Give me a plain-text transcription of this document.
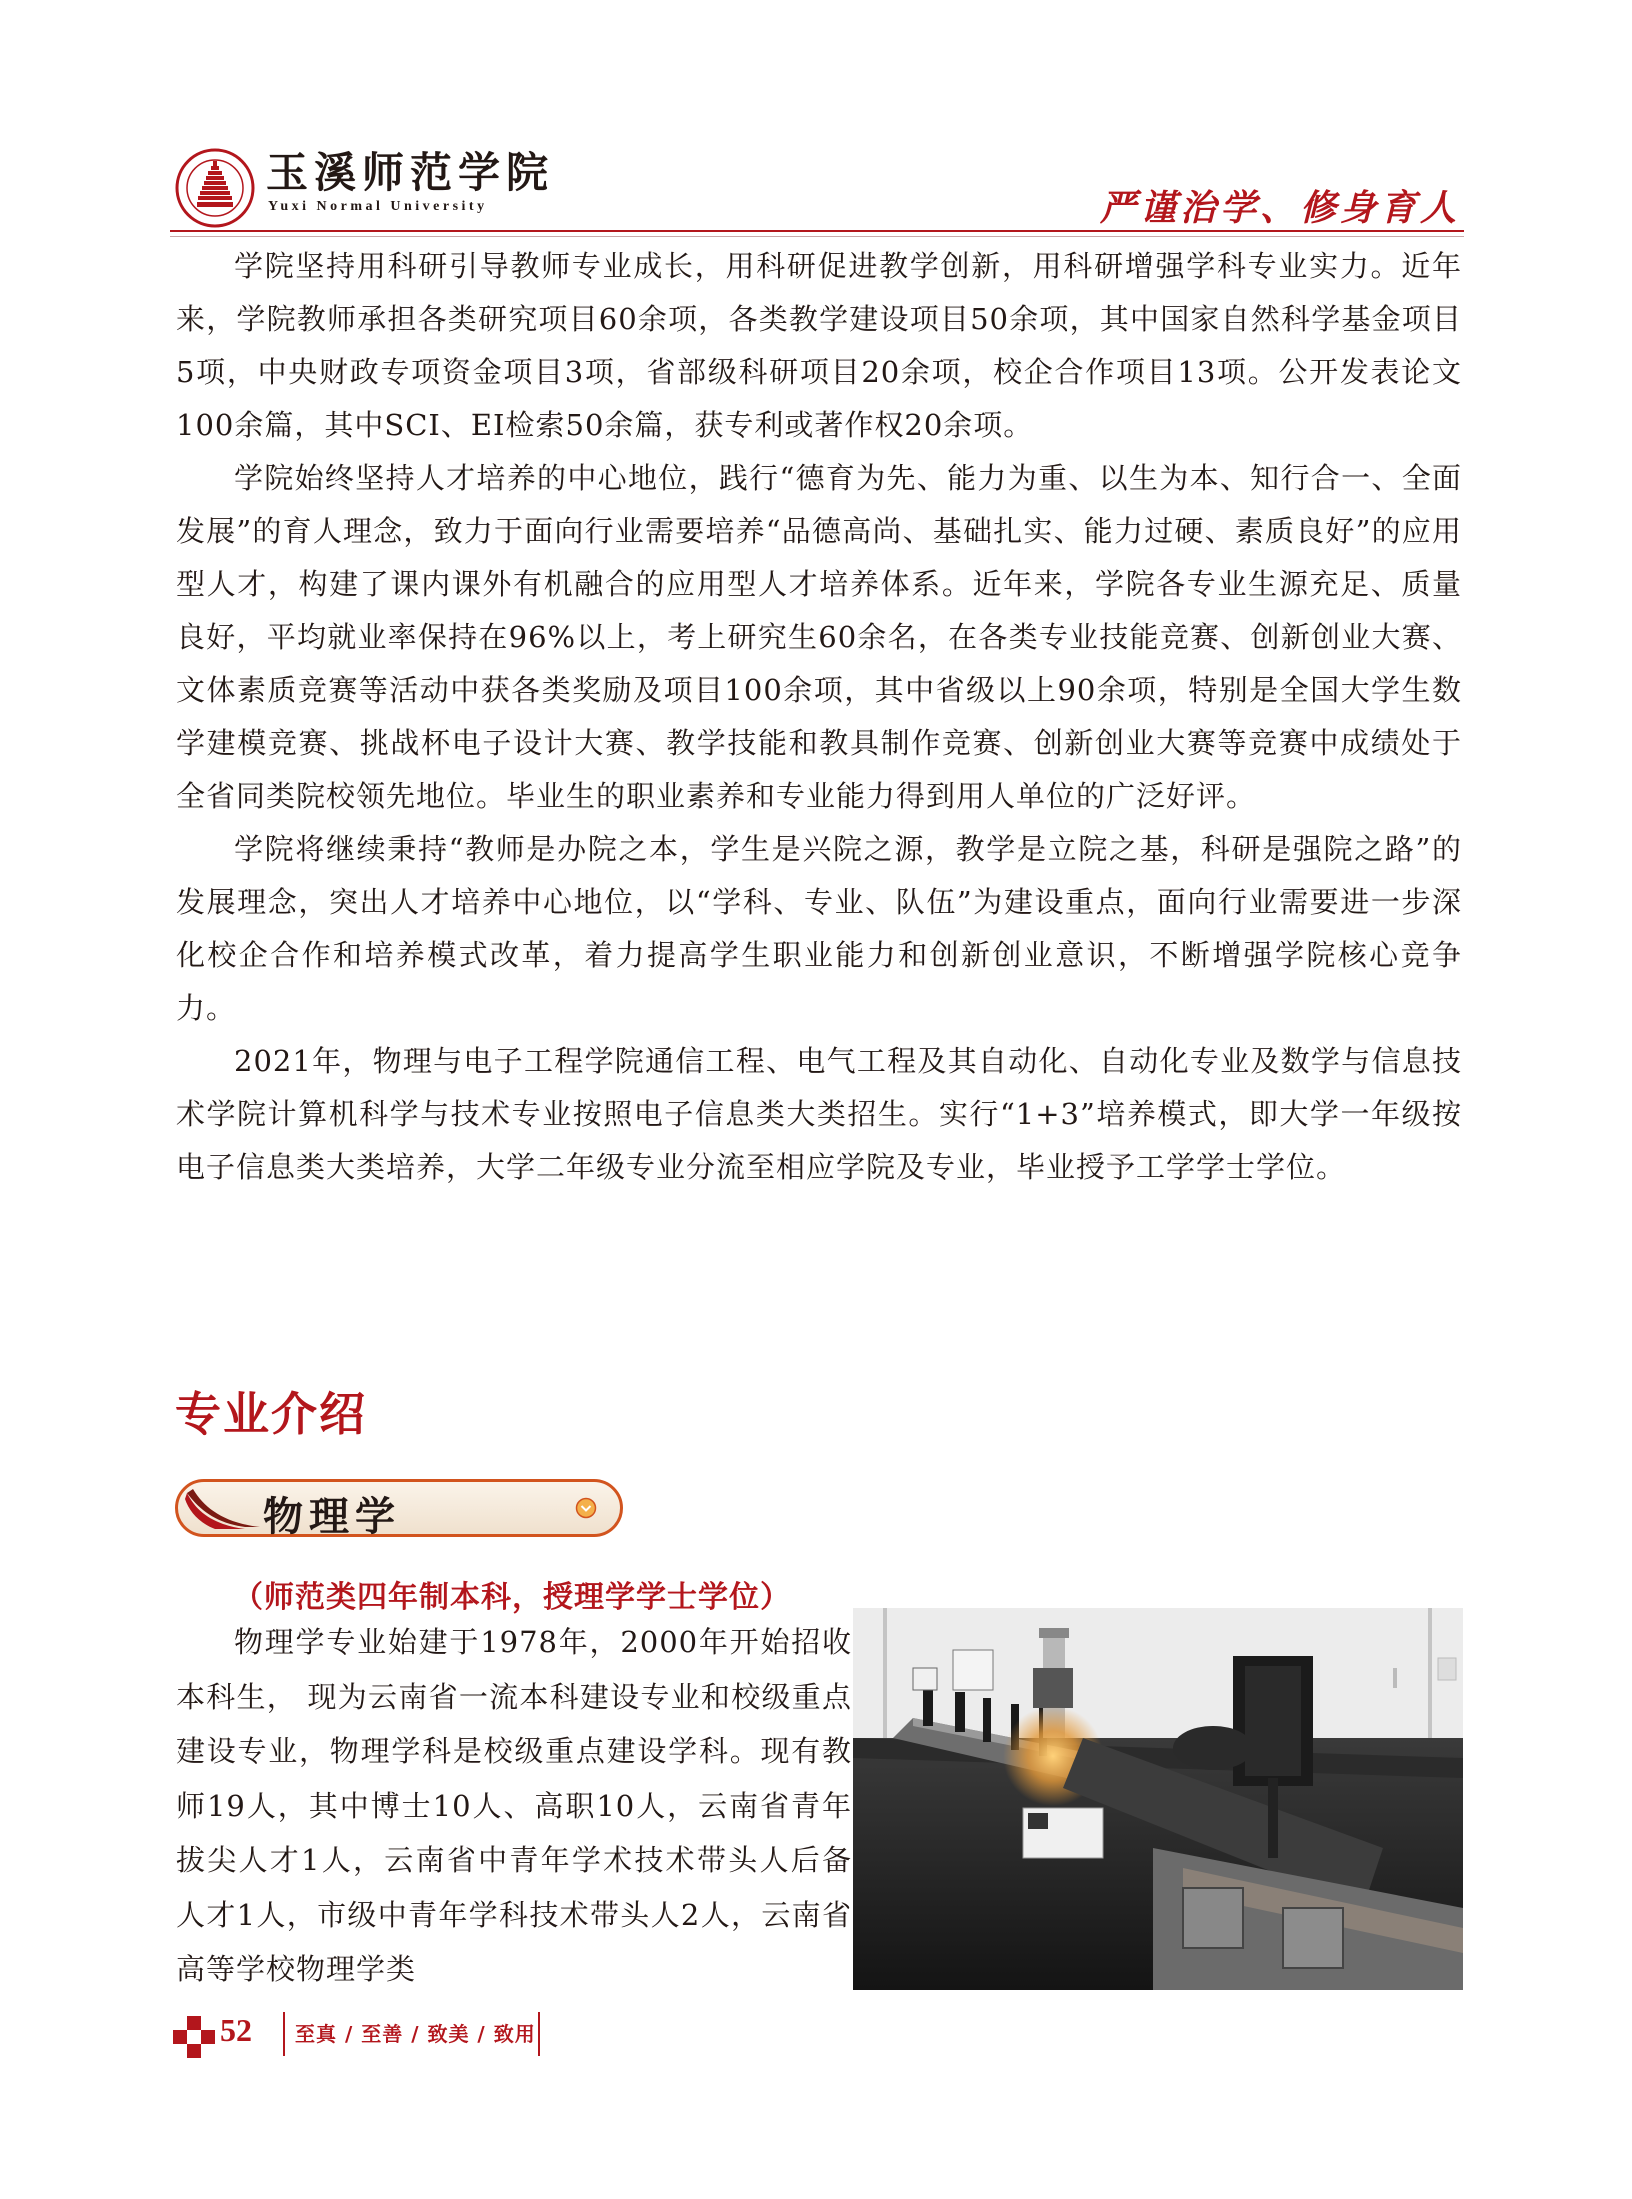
玉溪师范学院
Yuxi Normal University	严谨治学、修身育人

学院坚持用科研引导教师专业成长，用科研促进教学创新，用科研增强学科专业实力。近年来，学院教师承担各类研究项目60余项，各类教学建设项目50余项，其中国家自然科学基金项目5项，中央财政专项资金项目3项，省部级科研项目20余项，校企合作项目13项。公开发表论文100余篇，其中SCI、EI检索50余篇，获专利或著作权20余项。

学院始终坚持人才培养的中心地位，践行“德育为先、能力为重、以生为本、知行合一、全面发展”的育人理念，致力于面向行业需要培养“品德高尚、基础扎实、能力过硬、素质良好”的应用型人才，构建了课内课外有机融合的应用型人才培养体系。近年来，学院各专业生源充足、质量良好，平均就业率保持在96%以上，考上研究生60余名，在各类专业技能竞赛、创新创业大赛、文体素质竞赛等活动中获各类奖励及项目100余项，其中省级以上90余项，特别是全国大学生数学建模竞赛、挑战杯电子设计大赛、教学技能和教具制作竞赛、创新创业大赛等竞赛中成绩处于全省同类院校领先地位。毕业生的职业素养和专业能力得到用人单位的广泛好评。

学院将继续秉持“教师是办院之本，学生是兴院之源，教学是立院之基，科研是强院之路”的发展理念，突出人才培养中心地位，以“学科、专业、队伍”为建设重点，面向行业需要进一步深化校企合作和培养模式改革，着力提高学生职业能力和创新创业意识，不断增强学院核心竞争力。

2021年，物理与电子工程学院通信工程、电气工程及其自动化、自动化专业及数学与信息技术学院计算机科学与技术专业按照电子信息类大类招生。实行“1+3”培养模式，即大学一年级按电子信息类大类培养，大学二年级专业分流至相应学院及专业，毕业授予工学学士学位。

专业介绍
物理学
（师范类四年制本科，授理学学士学位）

物理学专业始建于1978年，2000年开始招收本科生， 现为云南省一流本科建设专业和校级重点建设专业，物理学科是校级重点建设学科。现有教师19人，其中博士10人、高职10人，云南省青年拔尖人才1人，云南省中青年学术技术带头人后备人才1人，市级中青年学科技术带头人2人，云南省高等学校物理学类

52 至真 / 至善 / 致美 / 致用
